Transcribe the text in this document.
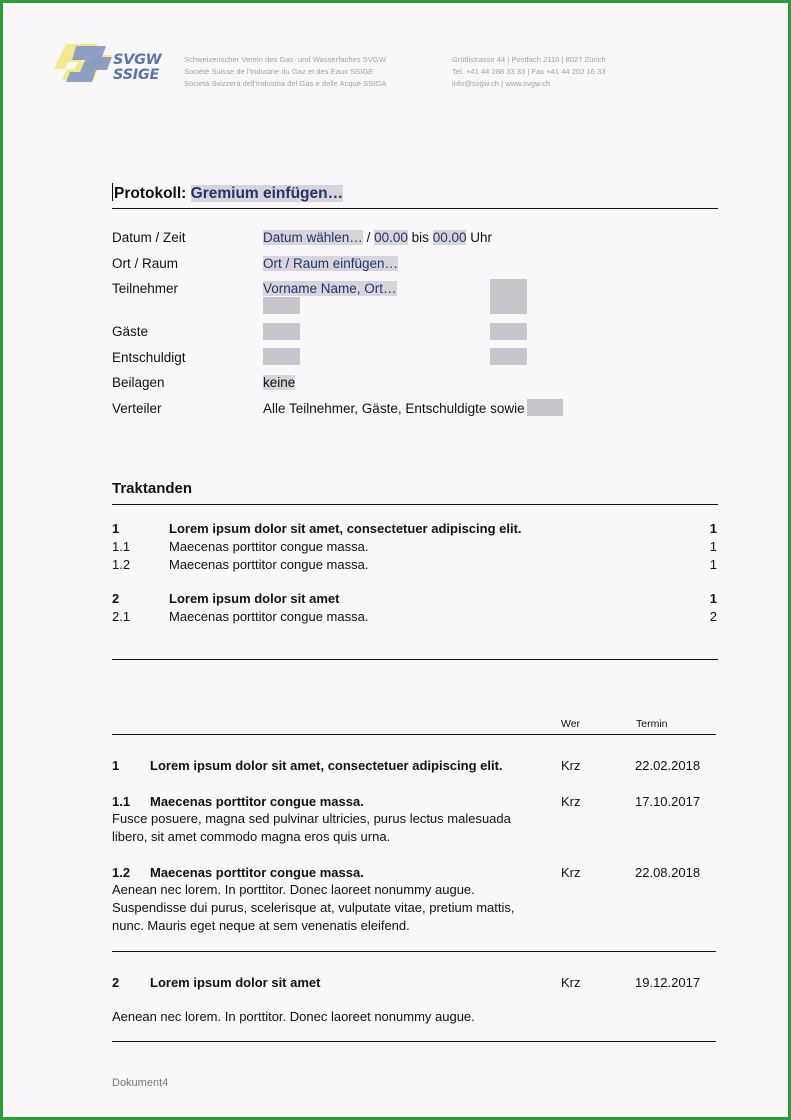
SVGW
SSIGE
Schweizerischer Verein des Gas- und Wasserfaches SVGW
Société Suisse de l'Industrie du Gaz et des Eaux SSIGE
Società Svizzera dell'Industria del Gas e delle Acque SSIGA
Grütlistrasse 44 | Postfach 2110 | 8027 Zürich
Tel. +41 44 288 33 33 | Fax +41 44 202 16 33
info@svgw.ch | www.svgw.ch
Protokoll: Gremium einfügen…
Datum / Zeit	Datum wählen… / 00.00 bis 00.00 Uhr
Ort / Raum	Ort / Raum einfügen…
Teilnehmer	Vorname Name, Ort…
Gäste
Entschuldigt
Beilagen	keine
Verteiler	Alle Teilnehmer, Gäste, Entschuldigte sowie
Traktanden
1	Lorem ipsum dolor sit amet, consectetuer adipiscing elit.	1
1.1	Maecenas porttitor congue massa.	1
1.2	Maecenas porttitor congue massa.	1
2	Lorem ipsum dolor sit amet	1
2.1	Maecenas porttitor congue massa.	2
Wer	Termin
1 Lorem ipsum dolor sit amet, consectetuer adipiscing elit.	Krz	22.02.2018
1.1 Maecenas porttitor congue massa.	Krz	17.10.2017
Fusce posuere, magna sed pulvinar ultricies, purus lectus malesuada libero, sit amet commodo magna eros quis urna.
1.2 Maecenas porttitor congue massa.	Krz	22.08.2018
Aenean nec lorem. In porttitor. Donec laoreet nonummy augue. Suspendisse dui purus, scelerisque at, vulputate vitae, pretium mattis, nunc. Mauris eget neque at sem venenatis eleifend.
2 Lorem ipsum dolor sit amet	Krz	19.12.2017
Aenean nec lorem. In porttitor. Donec laoreet nonummy augue.
Dokument4
